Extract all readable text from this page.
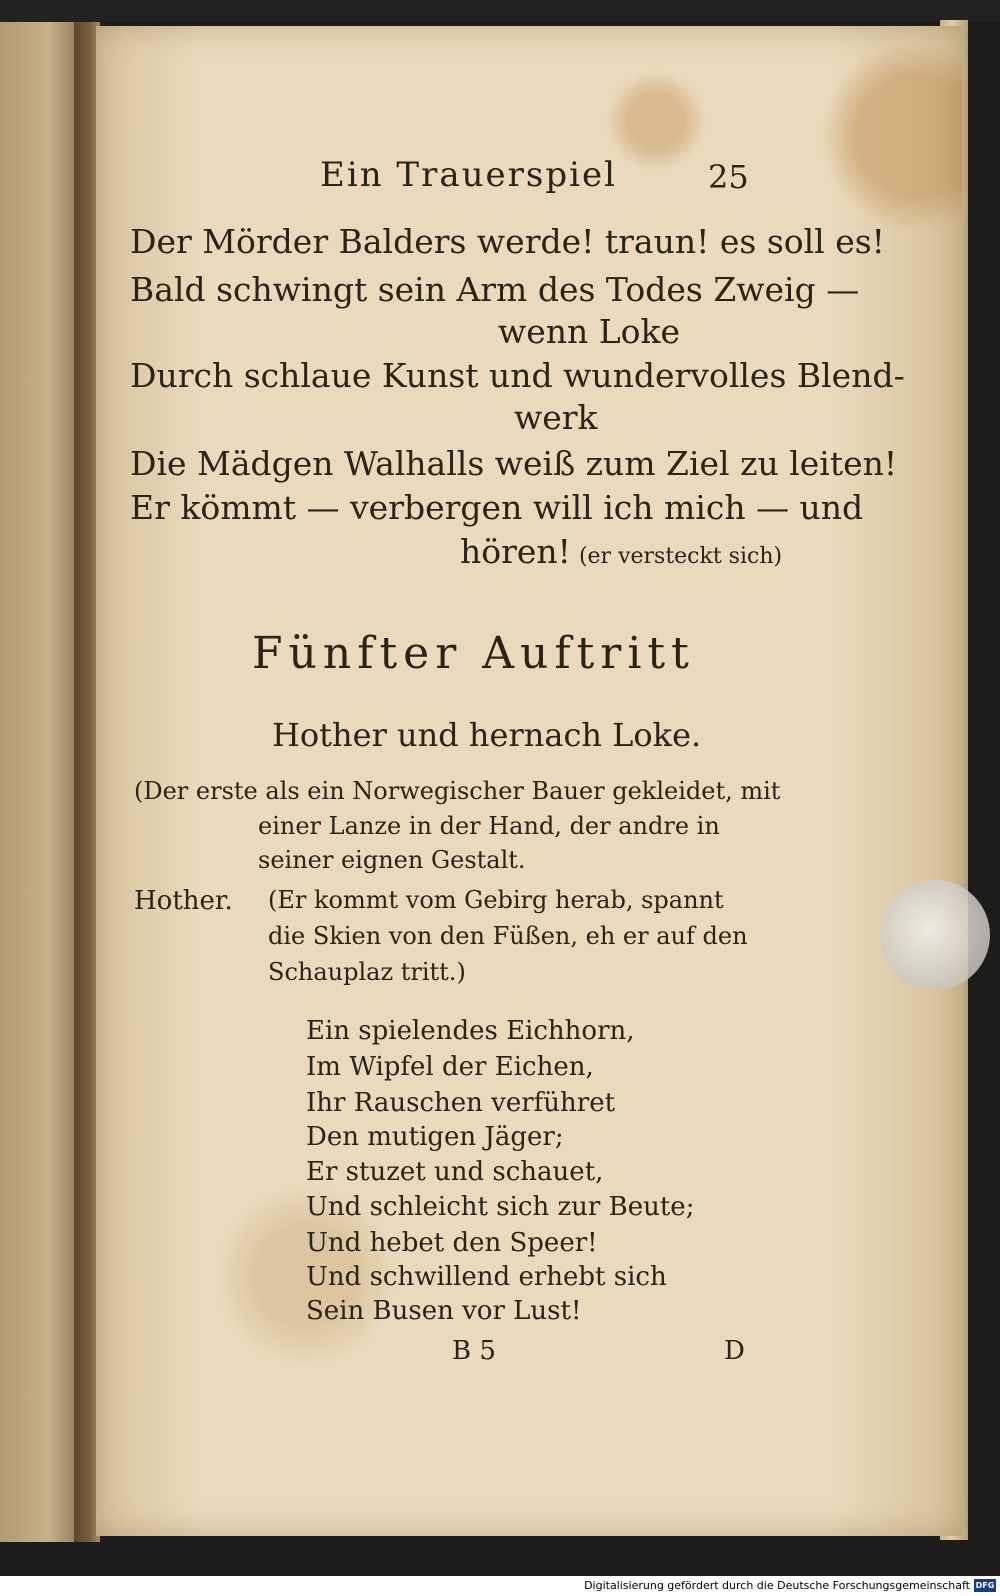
Ein Trauerspiel	25
Der Mörder Balders werde! traun! es soll es!
Bald schwingt sein Arm des Todes Zweig —
wenn Loke
Durch schlaue Kunst und wundervolles Blend-
werk
Die Mädgen Walhalls weiß zum Ziel zu leiten!
Er kömmt — verbergen will ich mich — und
hören! (er versteckt sich)
Fünfter Auftritt
Hother und hernach Loke.
(Der erste als ein Norwegischer Bauer gekleidet, mit
einer Lanze in der Hand, der andre in
seiner eignen Gestalt.
Hother. (Er kommt vom Gebirg herab, spannt
die Skien von den Füßen, eh er auf den
Schauplaz tritt.)
Ein spielendes Eichhorn,
Im Wipfel der Eichen,
Ihr Rauschen verführet
Den mutigen Jäger;
Er stuzet und schauet,
Und schleicht sich zur Beute;
Und hebet den Speer!
Und schwillend erhebt sich
Sein Busen vor Lust!
B 5	D
Digitalisierung gefördert durch die Deutsche Forschungsgemeinschaft DFG
